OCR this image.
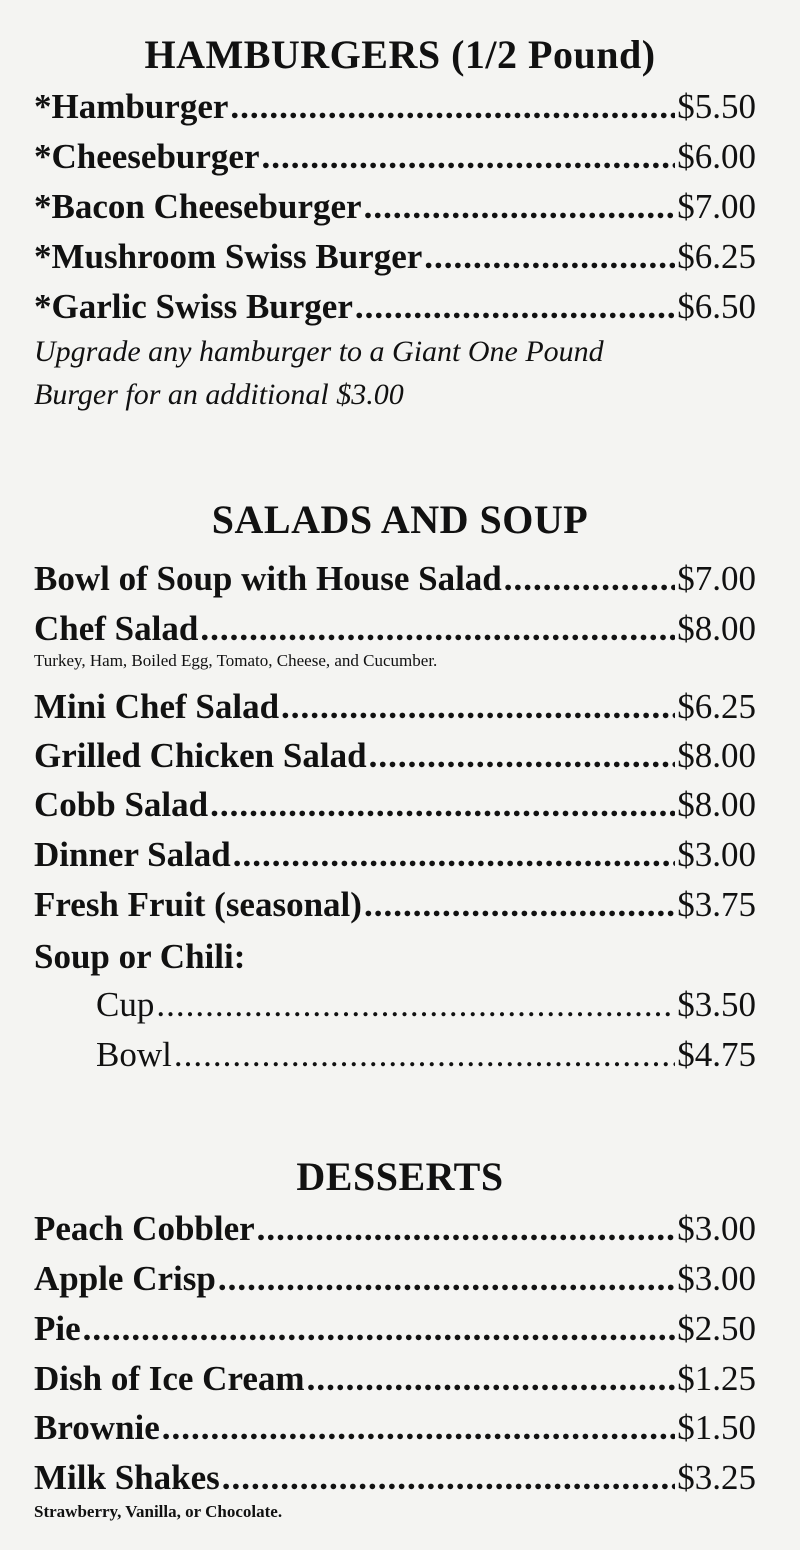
HAMBURGERS (1/2 Pound)
*Hamburger .....	$5.50
*Cheeseburger .....	$6.00
*Bacon Cheeseburger .....	$7.00
*Mushroom Swiss Burger .....	$6.25
*Garlic Swiss Burger .....	$6.50
Upgrade any hamburger to a Giant One Pound
Burger for an additional $3.00
SALADS AND SOUP
Bowl of Soup with House Salad .....	$7.00
Chef Salad .....	$8.00
Turkey, Ham, Boiled Egg, Tomato, Cheese, and Cucumber.
Mini Chef Salad .....	$6.25
Grilled Chicken Salad .....	$8.00
Cobb Salad .....	$8.00
Dinner Salad .....	$3.00
Fresh Fruit (seasonal) .....	$3.75
Soup or Chili:
Cup .....	$3.50
Bowl .....	$4.75
DESSERTS
Peach Cobbler .....	$3.00
Apple Crisp .....	$3.00
Pie .....	$2.50
Dish of Ice Cream .....	$1.25
Brownie .....	$1.50
Milk Shakes .....	$3.25
Strawberry, Vanilla, or Chocolate.
